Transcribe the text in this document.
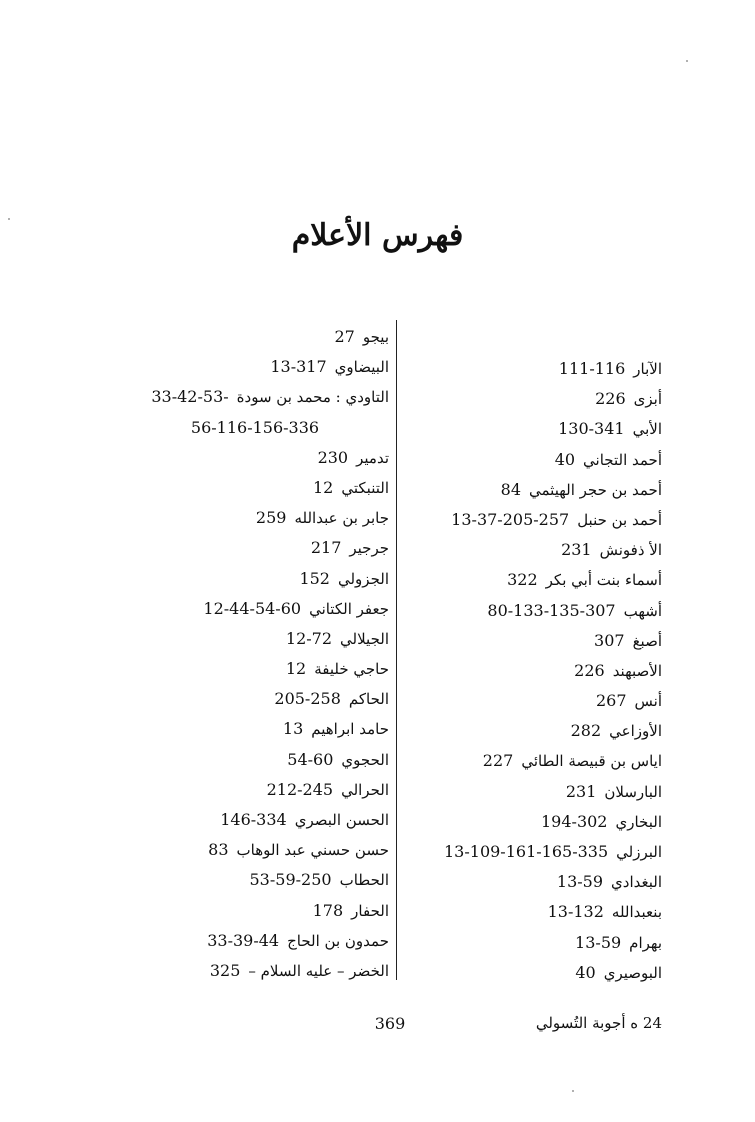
فهرس الأعلام
الآبار111-116
أبزى226
الأبي130-341
أحمد التجاني40
أحمد بن حجر الهيثمي84
أحمد بن حنبل13-37-205-257
الأ ذفونش231
أسماء بنت أبي بكر322
أشهب80-133-135-307
أصبغ307
الأصبهند226
أنس267
الأوزاعي282
اياس بن قبيصة الطائي227
البارسلان231
البخاري194-302
البرزلي13-109-161-165-335
البغدادي13-59
بنعبدالله13-132
بهرام13-59
البوصيري40
بيجو27
البيضاوي13-317
التاودي : محمد بن سودة33-42-53-
56-116-156-336
تدمير230
التنبكتي12
جابر بن عبدالله259
جرجير217
الجزولي152
جعفر الكتاني12-44-54-60
الجيلالي12-72
حاجي خليفة12
الحاكم205-258
حامد ابراهيم13
الحجوي54-60
الحرالي212-245
الحسن البصري146-334
حسن حسني عبد الوهاب83
الحطاب53-59-250
الحفار178
حمدون بن الحاج33-39-44
الخضر – عليه السلام –325
369	24 ه أجوبة التُسولي
